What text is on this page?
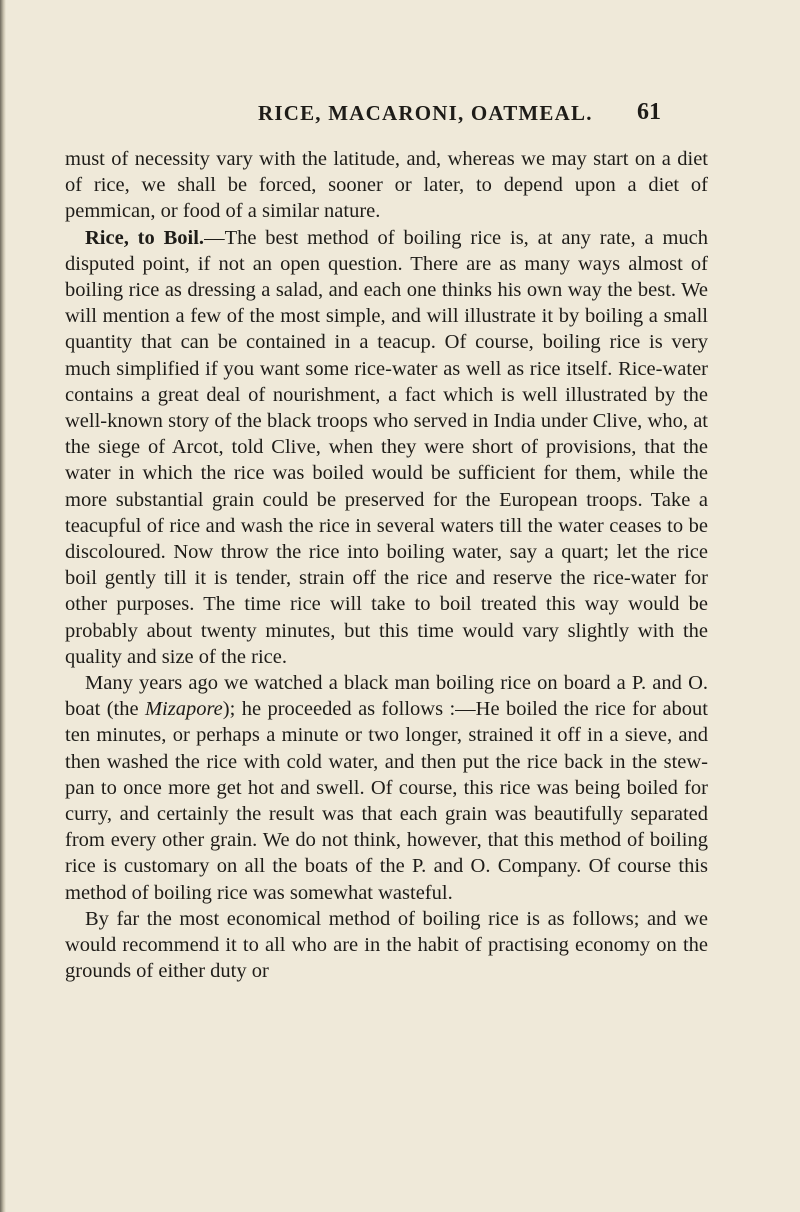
RICE, MACARONI, OATMEAL. 61

must of necessity vary with the latitude, and, whereas we may start on a diet of rice, we shall be forced, sooner or later, to depend upon a diet of pemmican, or food of a similar nature.

Rice, to Boil.—The best method of boiling rice is, at any rate, a much disputed point, if not an open question. There are as many ways almost of boiling rice as dressing a salad, and each one thinks his own way the best. We will mention a few of the most simple, and will illustrate it by boiling a small quantity that can be contained in a teacup. Of course, boiling rice is very much simplified if you want some rice-water as well as rice itself. Rice-water contains a great deal of nourishment, a fact which is well illustrated by the well-known story of the black troops who served in India under Clive, who, at the siege of Arcot, told Clive, when they were short of provisions, that the water in which the rice was boiled would be sufficient for them, while the more substantial grain could be preserved for the European troops. Take a teacupful of rice and wash the rice in several waters till the water ceases to be discoloured. Now throw the rice into boiling water, say a quart; let the rice boil gently till it is tender, strain off the rice and reserve the rice-water for other purposes. The time rice will take to boil treated this way would be probably about twenty minutes, but this time would vary slightly with the quality and size of the rice.

Many years ago we watched a black man boiling rice on board a P. and O. boat (the Mizapore); he proceeded as follows :—He boiled the rice for about ten minutes, or perhaps a minute or two longer, strained it off in a sieve, and then washed the rice with cold water, and then put the rice back in the stew-pan to once more get hot and swell. Of course, this rice was being boiled for curry, and certainly the result was that each grain was beautifully separated from every other grain. We do not think, however, that this method of boiling rice is customary on all the boats of the P. and O. Company. Of course this method of boiling rice was somewhat wasteful.

By far the most economical method of boiling rice is as follows; and we would recommend it to all who are in the habit of practising economy on the grounds of either duty or
